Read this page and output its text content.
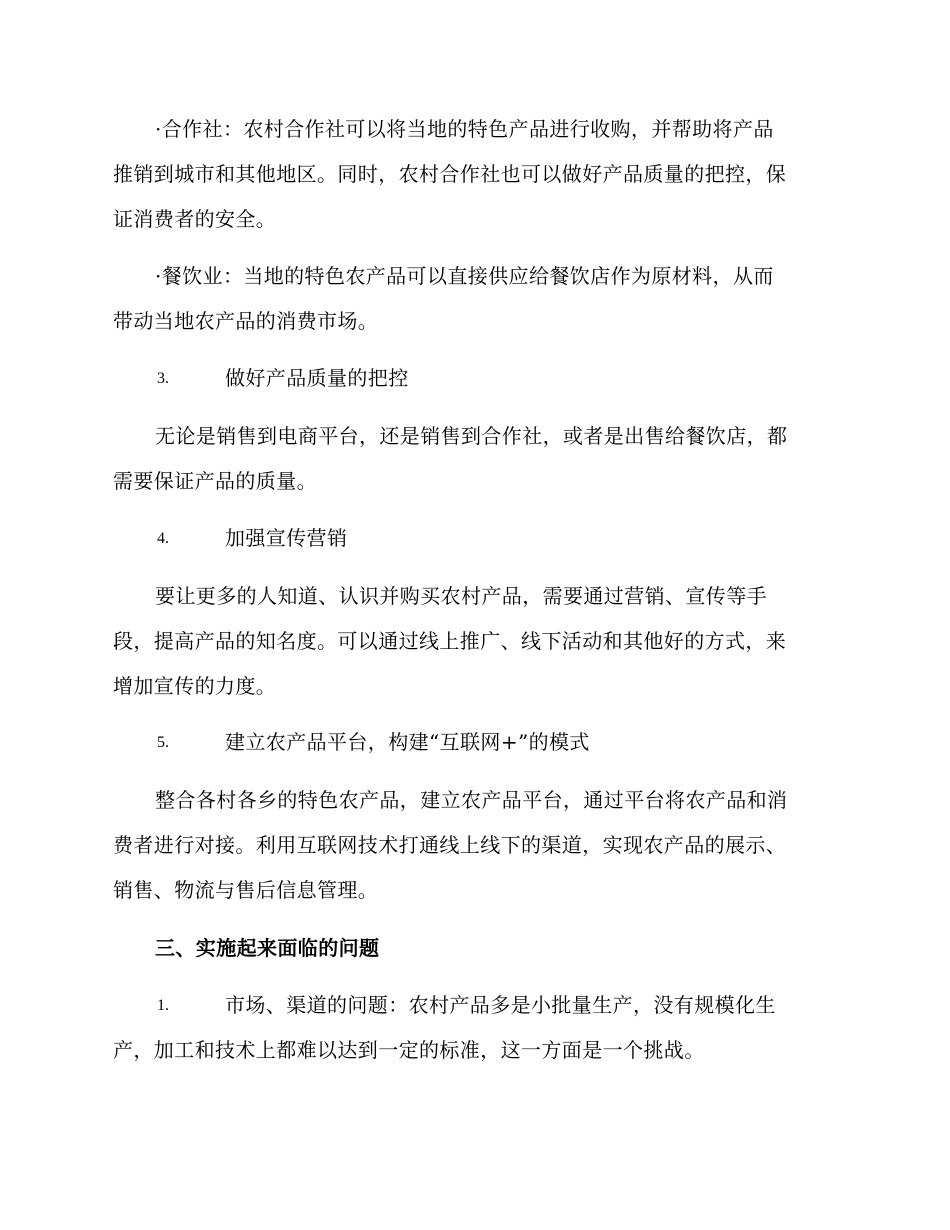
·合作社：农村合作社可以将当地的特色产品进行收购，并帮助将产品
推销到城市和其他地区。同时，农村合作社也可以做好产品质量的把控，保
证消费者的安全。
·餐饮业：当地的特色农产品可以直接供应给餐饮店作为原材料，从而
带动当地农产品的消费市场。
3.	做好产品质量的把控
无论是销售到电商平台，还是销售到合作社，或者是出售给餐饮店，都
需要保证产品的质量。
4.	加强宣传营销
要让更多的人知道、认识并购买农村产品，需要通过营销、宣传等手
段，提高产品的知名度。可以通过线上推广、线下活动和其他好的方式，来
增加宣传的力度。
5.	建立农产品平台，构建“互联网+”的模式
整合各村各乡的特色农产品，建立农产品平台，通过平台将农产品和消
费者进行对接。利用互联网技术打通线上线下的渠道，实现农产品的展示、
销售、物流与售后信息管理。
三、实施起来面临的问题
1.	市场、渠道的问题：农村产品多是小批量生产，没有规模化生
产，加工和技术上都难以达到一定的标准，这一方面是一个挑战。
